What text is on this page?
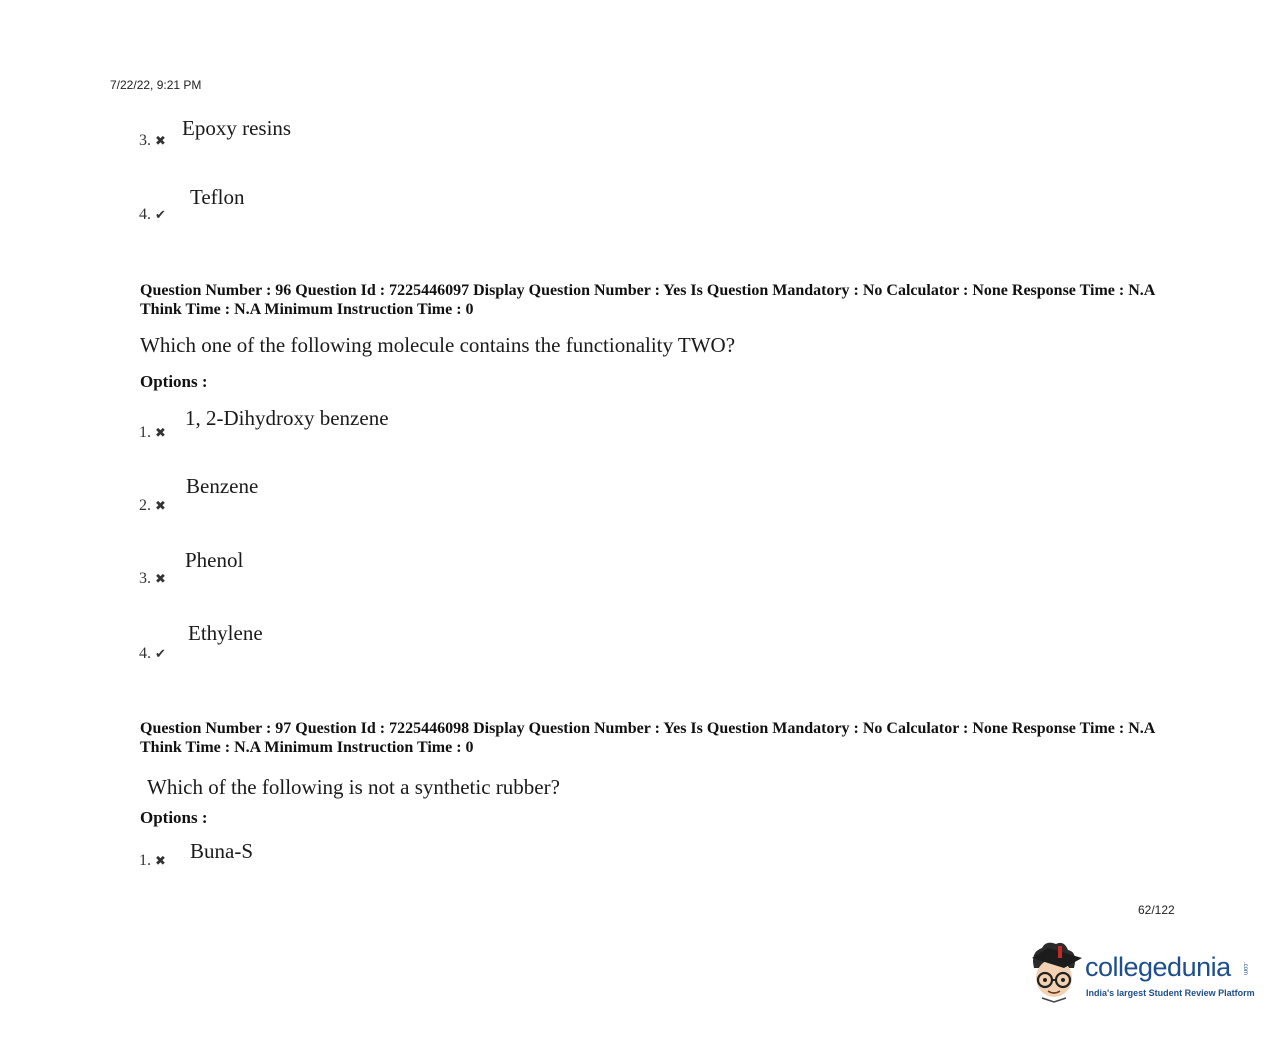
7/22/22, 9:21 PM
3. ✖
Epoxy resins
4. ✔
Teflon
Question Number : 96 Question Id : 7225446097 Display Question Number : Yes Is Question Mandatory : No Calculator : None Response Time : N.A Think Time : N.A Minimum Instruction Time : 0
Which one of the following molecule contains the functionality TWO?
Options :
1. ✖
1, 2-Dihydroxy benzene
2. ✖
Benzene
3. ✖
Phenol
4. ✔
Ethylene
Question Number : 97 Question Id : 7225446098 Display Question Number : Yes Is Question Mandatory : No Calculator : None Response Time : N.A Think Time : N.A Minimum Instruction Time : 0
Which of the following is not a synthetic rubber?
Options :
1. ✖ Buna-S
62/122
collegedunia .com
India's largest Student Review Platform
